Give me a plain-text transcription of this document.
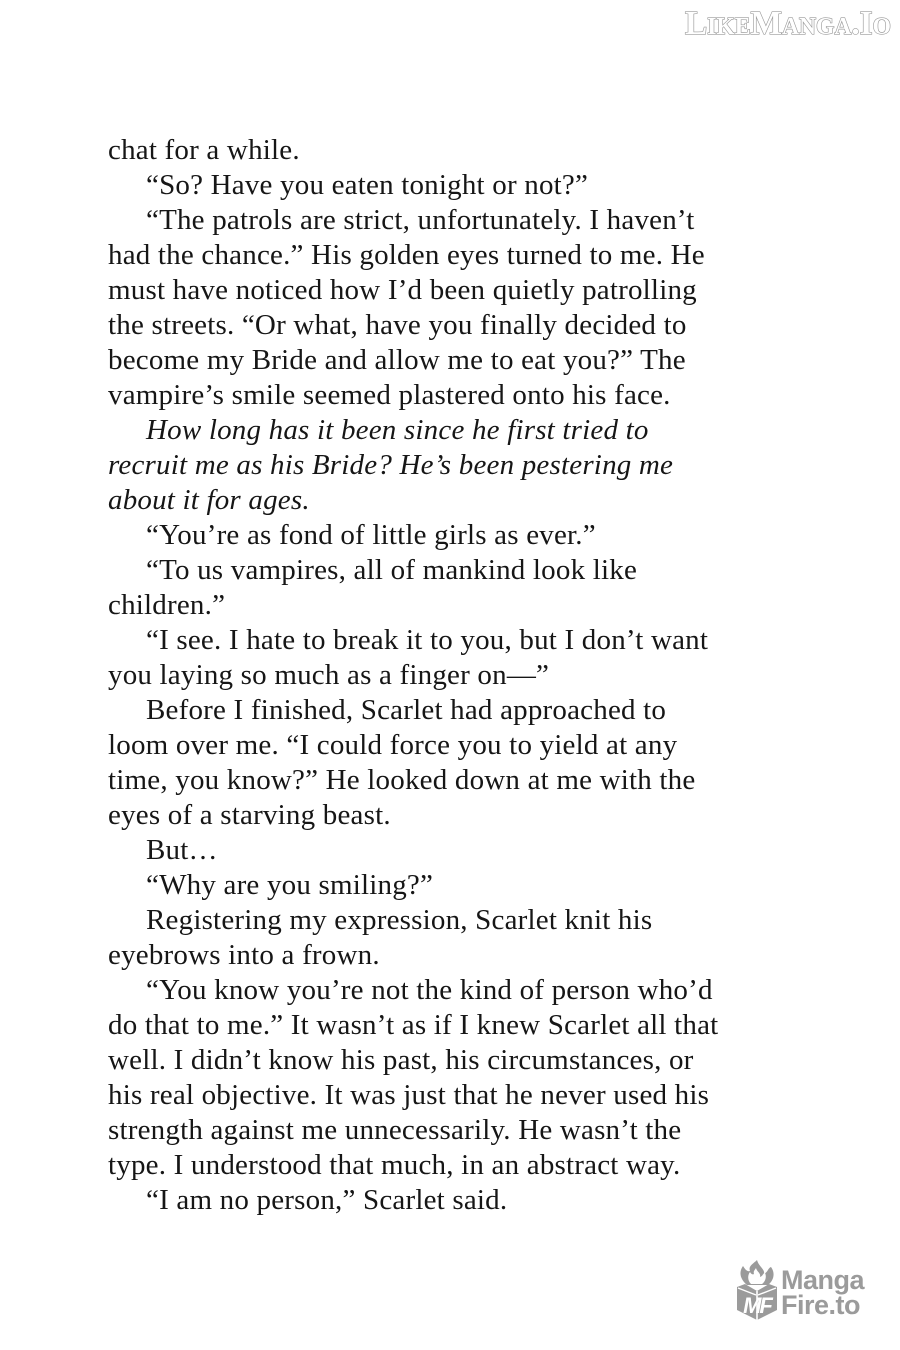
LikeManga.Io
chat for a while.
“So? Have you eaten tonight or not?”
“The patrols are strict, unfortunately. I haven’t
had the chance.” His golden eyes turned to me. He
must have noticed how I’d been quietly patrolling
the streets. “Or what, have you finally decided to
become my Bride and allow me to eat you?” The
vampire’s smile seemed plastered onto his face.
How long has it been since he first tried to
recruit me as his Bride? He’s been pestering me
about it for ages.
“You’re as fond of little girls as ever.”
“To us vampires, all of mankind look like
children.”
“I see. I hate to break it to you, but I don’t want
you laying so much as a finger on—”
Before I finished, Scarlet had approached to
loom over me. “I could force you to yield at any
time, you know?” He looked down at me with the
eyes of a starving beast.
But…
“Why are you smiling?”
Registering my expression, Scarlet knit his
eyebrows into a frown.
“You know you’re not the kind of person who’d
do that to me.” It wasn’t as if I knew Scarlet all that
well. I didn’t know his past, his circumstances, or
his real objective. It was just that he never used his
strength against me unnecessarily. He wasn’t the
type. I understood that much, in an abstract way.
“I am no person,” Scarlet said.
MF
Manga
Fire.to
